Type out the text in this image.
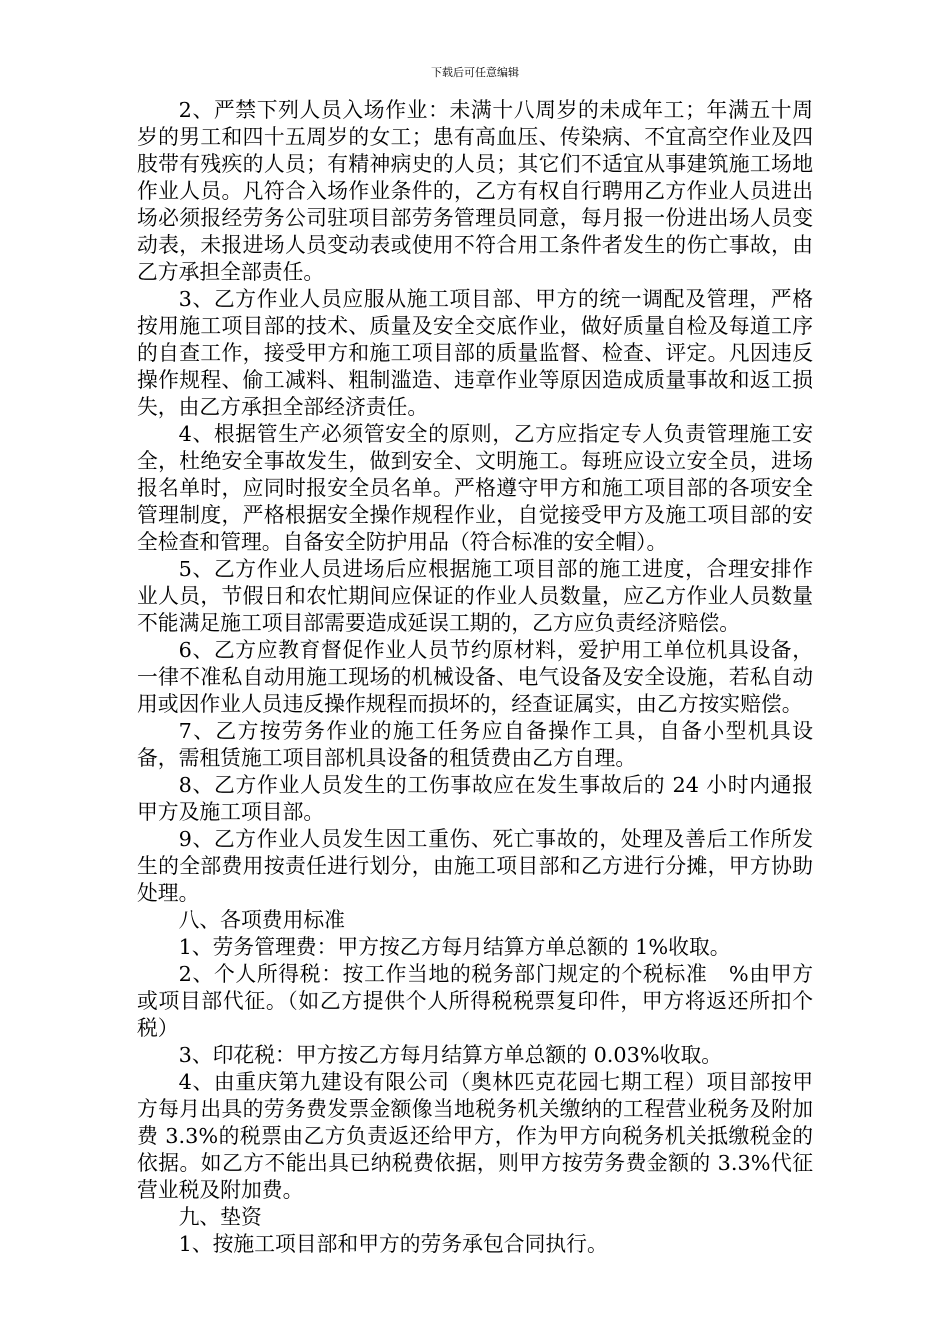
下载后可任意编辑

2、严禁下列人员入场作业：未满十八周岁的未成年工；年满五十周岁的男工和四十五周岁的女工；患有高血压、传染病、不宜高空作业及四肢带有残疾的人员；有精神病史的人员；其它们不适宜从事建筑施工场地作业人员。凡符合入场作业条件的，乙方有权自行聘用乙方作业人员进出场必须报经劳务公司驻项目部劳务管理员同意，每月报一份进出场人员变动表，未报进场人员变动表或使用不符合用工条件者发生的伤亡事故，由乙方承担全部责任。

3、乙方作业人员应服从施工项目部、甲方的统一调配及管理，严格按用施工项目部的技术、质量及安全交底作业，做好质量自检及每道工序的自查工作，接受甲方和施工项目部的质量监督、检查、评定。凡因违反操作规程、偷工减料、粗制滥造、违章作业等原因造成质量事故和返工损失，由乙方承担全部经济责任。

4、根据管生产必须管安全的原则，乙方应指定专人负责管理施工安全，杜绝安全事故发生，做到安全、文明施工。每班应设立安全员，进场报名单时，应同时报安全员名单。严格遵守甲方和施工项目部的各项安全管理制度，严格根据安全操作规程作业，自觉接受甲方及施工项目部的安全检查和管理。自备安全防护用品（符合标准的安全帽）。

5、乙方作业人员进场后应根据施工项目部的施工进度，合理安排作业人员，节假日和农忙期间应保证的作业人员数量，应乙方作业人员数量不能满足施工项目部需要造成延误工期的，乙方应负责经济赔偿。

6、乙方应教育督促作业人员节约原材料，爱护用工单位机具设备，一律不准私自动用施工现场的机械设备、电气设备及安全设施，若私自动用或因作业人员违反操作规程而损坏的，经查证属实，由乙方按实赔偿。

7、乙方按劳务作业的施工任务应自备操作工具，自备小型机具设备，需租赁施工项目部机具设备的租赁费由乙方自理。

8、乙方作业人员发生的工伤事故应在发生事故后的 24 小时内通报甲方及施工项目部。

9、乙方作业人员发生因工重伤、死亡事故的，处理及善后工作所发生的全部费用按责任进行划分，由施工项目部和乙方进行分摊，甲方协助处理。

八、各项费用标准

1、劳务管理费：甲方按乙方每月结算方单总额的 1%收取。

2、个人所得税：按工作当地的税务部门规定的个税标准　%由甲方或项目部代征。（如乙方提供个人所得税税票复印件，甲方将返还所扣个税）

3、印花税：甲方按乙方每月结算方单总额的 0.03%收取。

4、由重庆第九建设有限公司（奥林匹克花园七期工程）项目部按甲方每月出具的劳务费发票金额像当地税务机关缴纳的工程营业税务及附加费 3.3%的税票由乙方负责返还给甲方，作为甲方向税务机关抵缴税金的依据。如乙方不能出具已纳税费依据，则甲方按劳务费金额的 3.3%代征营业税及附加费。

九、垫资

1、按施工项目部和甲方的劳务承包合同执行。
